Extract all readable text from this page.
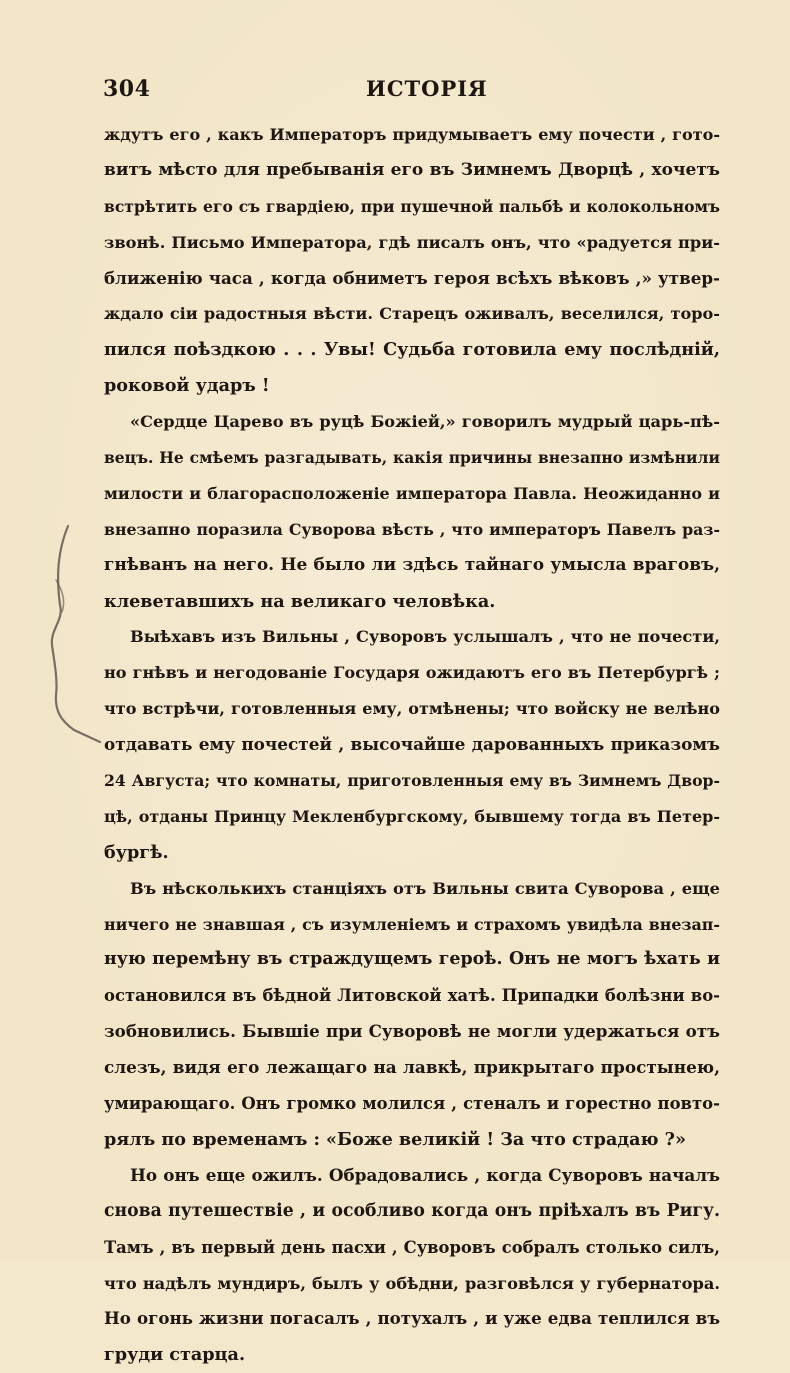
304	ИСТОРІЯ
ждутъ его , какъ Императоръ придумываетъ ему почести , гото-
витъ мѣсто для пребыванія его въ Зимнемъ Дворцѣ , хочетъ
встрѣтить его съ гвардіею, при пушечной пальбѣ и колокольномъ
звонѣ. Письмо Императора, гдѣ писалъ онъ, что «радуется при-
ближенію часа , когда обниметъ героя всѣхъ вѣковъ ,» утвер-
ждало сіи радостныя вѣсти. Старецъ оживалъ, веселился, торо-
пился поѣздкою . . . Увы! Судьба готовила ему послѣдній,
роковой ударъ !
«Сердце Царево въ руцѣ Божіей,» говорилъ мудрый царь-пѣ-
вецъ. Не смѣемъ разгадывать, какія причины внезапно измѣнили
милости и благорасположеніе императора Павла. Неожиданно и
внезапно поразила Суворова вѣсть , что императоръ Павелъ раз-
гнѣванъ на него. Не было ли здѣсь тайнаго умысла враговъ,
клеветавшихъ на великаго человѣка.
Выѣхавъ изъ Вильны , Суворовъ услышалъ , что не почести,
но гнѣвъ и негодованіе Государя ожидаютъ его въ Петербургѣ ;
что встрѣчи, готовленныя ему, отмѣнены; что войску не велѣно
отдавать ему почестей , высочайше дарованныхъ приказомъ
24 Августа; что комнаты, приготовленныя ему въ Зимнемъ Двор-
цѣ, отданы Принцу Мекленбургскому, бывшему тогда въ Петер-
бургѣ.
Въ нѣсколькихъ станціяхъ отъ Вильны свита Суворова , еще
ничего не знавшая , съ изумленіемъ и страхомъ увидѣла внезап-
ную перемѣну въ страждущемъ героѣ. Онъ не могъ ѣхать и
остановился въ бѣдной Литовской хатѣ. Припадки болѣзни во-
зобновились. Бывшіе при Суворовѣ не могли удержаться отъ
слезъ, видя его лежащаго на лавкѣ, прикрытаго простынею,
умирающаго. Онъ громко молился , стеналъ и горестно повто-
рялъ по временамъ : «Боже великій ! За что страдаю ?»
Но онъ еще ожилъ. Обрадовались , когда Суворовъ началъ
снова путешествіе , и особливо когда онъ пріѣхалъ въ Ригу.
Тамъ , въ первый день пасхи , Суворовъ собралъ столько силъ,
что надѣлъ мундиръ, былъ у обѣдни, разговѣлся у губернатора.
Но огонь жизни погасалъ , потухалъ , и уже едва теплился въ
груди старца.
